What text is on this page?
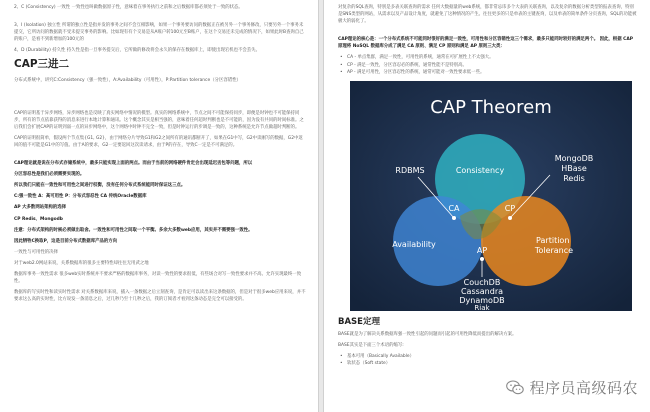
2、C (Consistency) 一致性 一致性也叫做数据原子性，意味着在事务执行之前和之后数据库都必须处于一致的状态。

3、I (Isolation) 独立性 所谓的独立性是指并发的事务之间不会互相影响，如果一个事务要访问的数据正在被另外一个事务修改，只要另外一个事务未提交，它所访问的数据就不受未提交事务的影响。比如现有有个交易是从A账户转100元至B账户，在这个交易还未完成的情况下，如果此时B查询自己的账户，是看不到新增加的100元的

4、D (Durability) 持久性 持久性是指一旦事务提交后，它所做的修改将会永久的保存在数据库上，即使出现宕机也不会丢失。

CAP三进二

分布式系统中，讲究C:Consistency（强一致性），A:Availability（可用性），P:Partition tolerance（分区容错性）

CAP的证明基于异步网络，异步网络也是反映了真实网络中情况的模型。真实的网络系统中，节点之间不可能保持同步，即便是时钟也不可能保持同步，所有的节点依靠获得的消息来进行本地计算和通讯。这个概念其实是相当强的，意味着任何超时判断也是不可能的，因为没有共同的时间标准。之后我们会扩展CAP的证明到弱一点的异步网络中，这个网络中时钟不完全一致，但是时钟运行的步调是一致的，这种系统是允许节点做超时判断的。

CAP的证明很简单，假设两个节点集{G1, G2}，由于网络分片导致G1和G2之间所有的通讯都断开了，如果在G1中写，G2中读刚写的数据，G2中返回的值不可能是G1中的写值。由于A的要求，G2一定要返回这次读请求，由于P的存在，导致C一定是不可满足的。

CAP理论就是说在分布式存储系统中，最多只能实现上面的两点。而由于当前的网络硬件肯定会出现延迟丢包等问题，所以

分区容忍性是我们必须需要实现的。

所以我们只能在一致性和可用性之间进行权衡，没有任何分布式系统能同时保证这三点。

C:强一致性 A：高可用性 P：分布式容忍性 CA 传统Oracle数据库

AP 大多数网站架构的选择

CP Redis、Mongodb

注意：分布式架构的时候必须做出取舍。一致性和可用性之间取一个平衡。多余大多数web应用，其实并不需要强一致性。

因此牺牲C换取P，这是目前分布式数据库产品的方向

一致性与可用性的决择

对于web2.0网站来说，关系数据库的很多主要特性却往往无用武之地

数据库事务一致性需求 很多web实时系统并不要求严格的数据库事务，对读一致性的要求很低，有些场合对写一致性要求并不高。允许实现最终一致性。

数据库的写实时性和读实时性需求 对关系数据库来说，插入一条数据之后立刻查询，是肯定可以读出来这条数据的，但是对于很多web应用来说，并不要求这么高的实时性，比方说发一条消息之后，过几秒乃至十几秒之后，我的订阅者才看到这条动态是完全可以接受的。

对复杂的SQL查询，特别是多表关联查询的需求 任何大数据量的web系统，都非常忌讳多个大表的关联查询，以及复杂的数据分析类型的报表查询，特别是SNS类型的网站，从需求以及产品设计角度，就避免了这种情况的产生。往往更多的只是单表的主键查询，以及单表的简单条件分页查询，SQL的功能被极大的弱化了。

CAP理论的核心是：一个分布式系统不可能同时很好的满足一致性，可用性和分区容错性这三个需求，最多只能同时较好的满足两个。 因此，根据 CAP 原理将 NoSQL 数据库分成了满足 CA 原则、满足 CP 原则和满足 AP 原则三大类：

• CA - 单点集群，满足一致性，可用性的系统，通常在可扩展性上不太强大。
• CP - 满足一致性，分区容忍必的系统，通常性能不是特别高。
• AP - 满足可用性，分区容忍性的系统，通常可能对一致性要求低一些。
CAP Theorem
Consistency
Availability	Partition Tolerance
CA	CP
AP
RDBMS
MongoDB
HBase
Redis
CouchDB
Cassandra
DynamoDB
Riak
BASE定理

BASE就是为了解决关系数据库强一致性引起的问题而引起的可用性降低而提出的解决方案。

BASE其实是下面三个术语的缩写:

• 基本可用（Basically Available）
• 软状态（Soft state）
程序员高级码农
